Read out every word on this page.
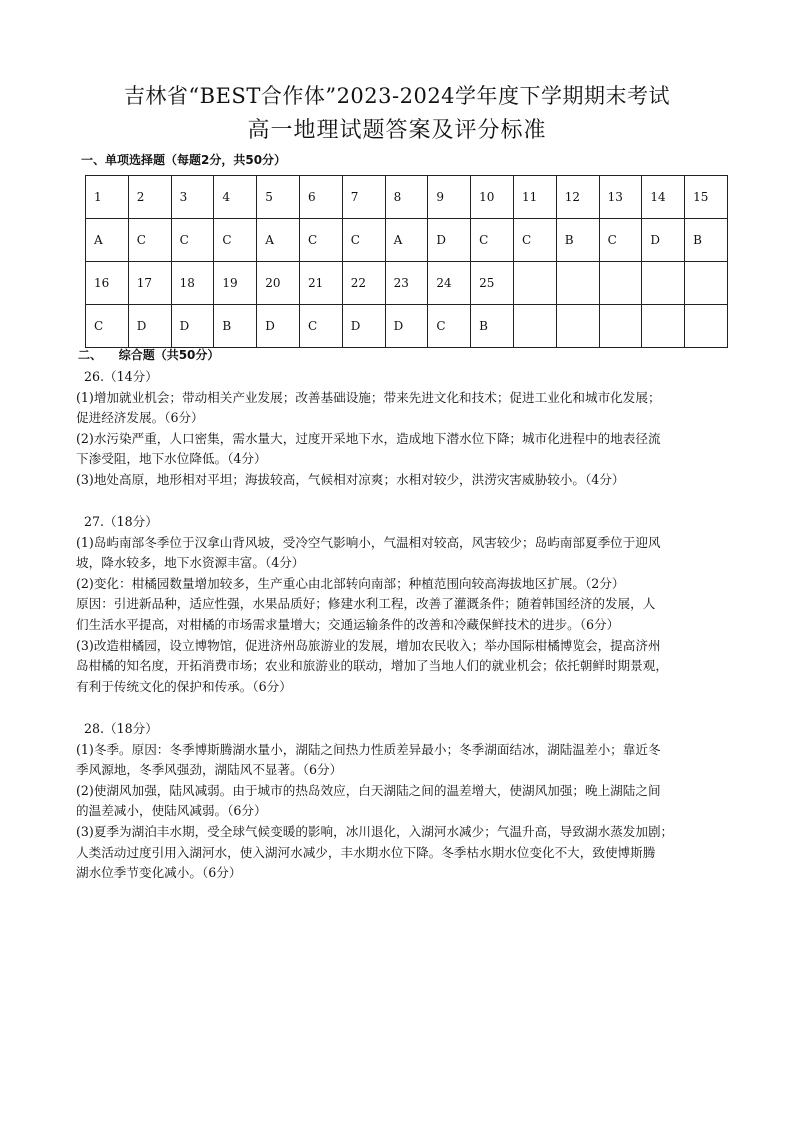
吉林省“BEST合作体”2023-2024学年度下学期期末考试
高一地理试题答案及评分标准
一、单项选择题（每题2分，共50分）
1	2	3	4	5	6	7	8	9	10	11	12	13	14	15
A	C	C	C	A	C	C	A	D	C	C	B	C	D	B
16	17	18	19	20	21	22	23	24	25					
C	D	D	B	D	C	D	D	C	B					
二、    综合题（共50分）

26.（14分）

(1)增加就业机会；带动相关产业发展；改善基础设施；带来先进文化和技术；促进工业化和城市化发展；

促进经济发展。（6分）

(2)水污染严重，人口密集，需水量大，过度开采地下水，造成地下潜水位下降；城市化进程中的地表径流

下渗受阻，地下水位降低。（4分）

(3)地处高原，地形相对平坦；海拔较高，气候相对凉爽；水相对较少，洪涝灾害威胁较小。（4分）

27.（18分）

(1)岛屿南部冬季位于汉拿山背风坡，受冷空气影响小，气温相对较高，风害较少；岛屿南部夏季位于迎风

坡，降水较多，地下水资源丰富。（4分）

(2)变化：柑橘园数量增加较多，生产重心由北部转向南部；种植范围向较高海拔地区扩展。（2分）

原因：引进新品种，适应性强，水果品质好；修建水利工程，改善了灌溉条件；随着韩国经济的发展，人

们生活水平提高，对柑橘的市场需求量增大；交通运输条件的改善和冷藏保鲜技术的进步。（6分）

(3)改造柑橘园，设立博物馆，促进济州岛旅游业的发展，增加农民收入；举办国际柑橘博览会，提高济州

岛柑橘的知名度，开拓消费市场；农业和旅游业的联动，增加了当地人们的就业机会；依托朝鲜时期景观，

有利于传统文化的保护和传承。（6分）

28.（18分）

(1)冬季。原因：冬季博斯腾湖水量小，湖陆之间热力性质差异最小；冬季湖面结冰，湖陆温差小；靠近冬

季风源地，冬季风强劲，湖陆风不显著。（6分）

(2)使湖风加强，陆风减弱。由于城市的热岛效应，白天湖陆之间的温差增大，使湖风加强；晚上湖陆之间

的温差减小，使陆风减弱。（6分）

(3)夏季为湖泊丰水期，受全球气候变暖的影响，冰川退化，入湖河水减少；气温升高，导致湖水蒸发加剧；

人类活动过度引用入湖河水，使入湖河水减少，丰水期水位下降。冬季枯水期水位变化不大，致使博斯腾

湖水位季节变化减小。（6分）
